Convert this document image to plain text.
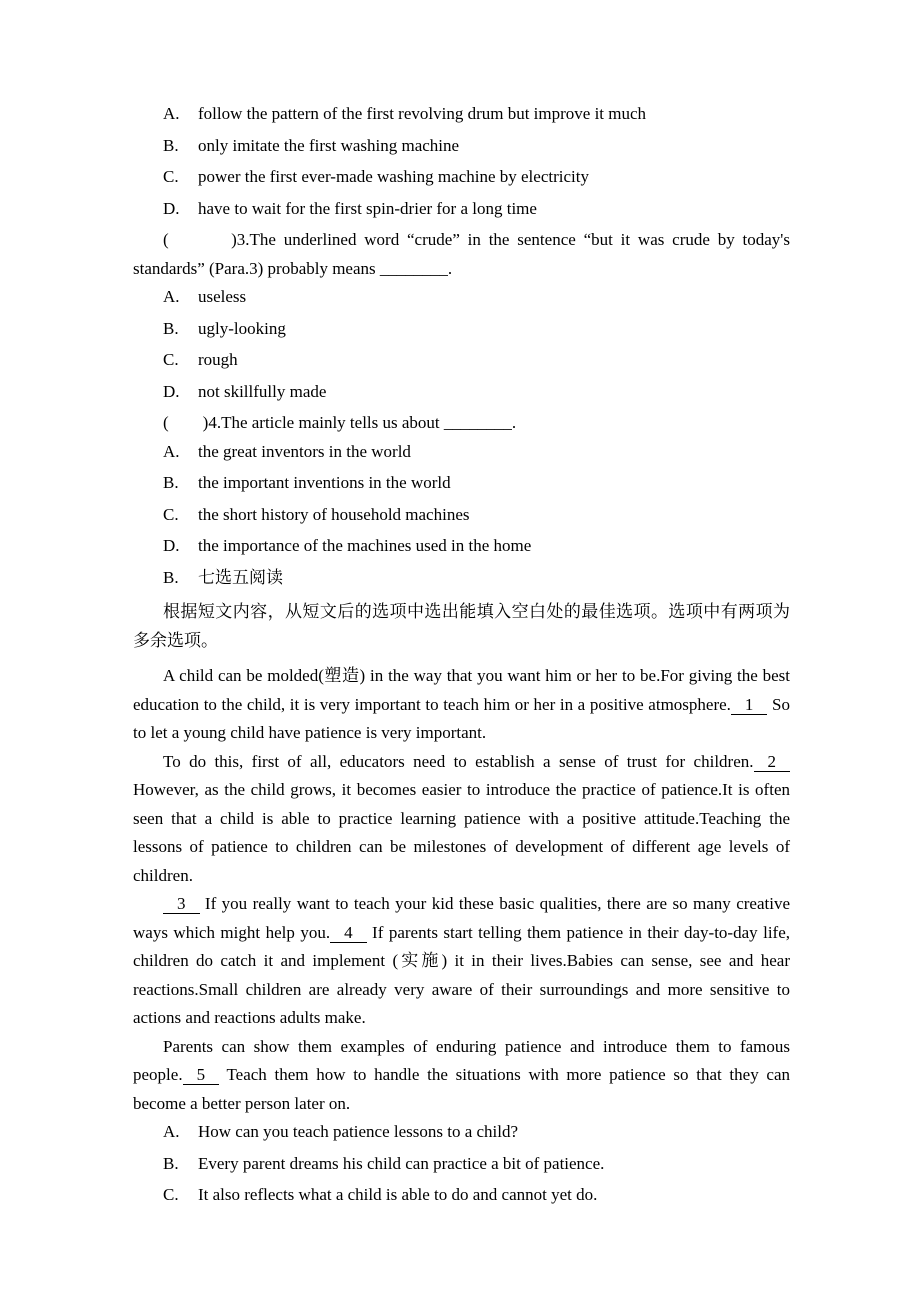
A. follow the pattern of the first revolving drum but improve it much
B. only imitate the first washing machine
C. power the first ever-made washing machine by electricity
D. have to wait for the first spin-drier for a long time

(        )3.The underlined word “crude” in the sentence “but it was crude by today's standards” (Para.3) probably means ________.

A. useless
B. ugly-looking
C. rough
D. not skillfully made

(        )4.The article mainly tells us about ________.

A. the great inventors in the world
B. the important inventions in the world
C. the short history of household machines
D. the importance of the machines used in the home
B. 七选五阅读

根据短文内容，从短文后的选项中选出能填入空白处的最佳选项。选项中有两项为多余选项。

A child can be molded(塑造) in the way that you want him or her to be.For giving the best education to the child, it is very important to teach him or her in a positive atmosphere. 1 So to let a young child have patience is very important.

To do this, first of all, educators need to establish a sense of trust for children. 2 However, as the child grows, it becomes easier to introduce the practice of patience.It is often seen that a child is able to practice learning patience with a positive attitude.Teaching the lessons of patience to children can be milestones of development of different age levels of children.

3 If you really want to teach your kid these basic qualities, there are so many creative ways which might help you. 4 If parents start telling them patience in their day-to-day life, children do catch it and implement (实施) it in their lives.Babies can sense, see and hear reactions.Small children are already very aware of their surroundings and more sensitive to actions and reactions adults make.

Parents can show them examples of enduring patience and introduce them to famous people. 5 Teach them how to handle the situations with more patience so that they can become a better person later on.

A. How can you teach patience lessons to a child?
B. Every parent dreams his child can practice a bit of patience.
C. It also reflects what a child is able to do and cannot yet do.
